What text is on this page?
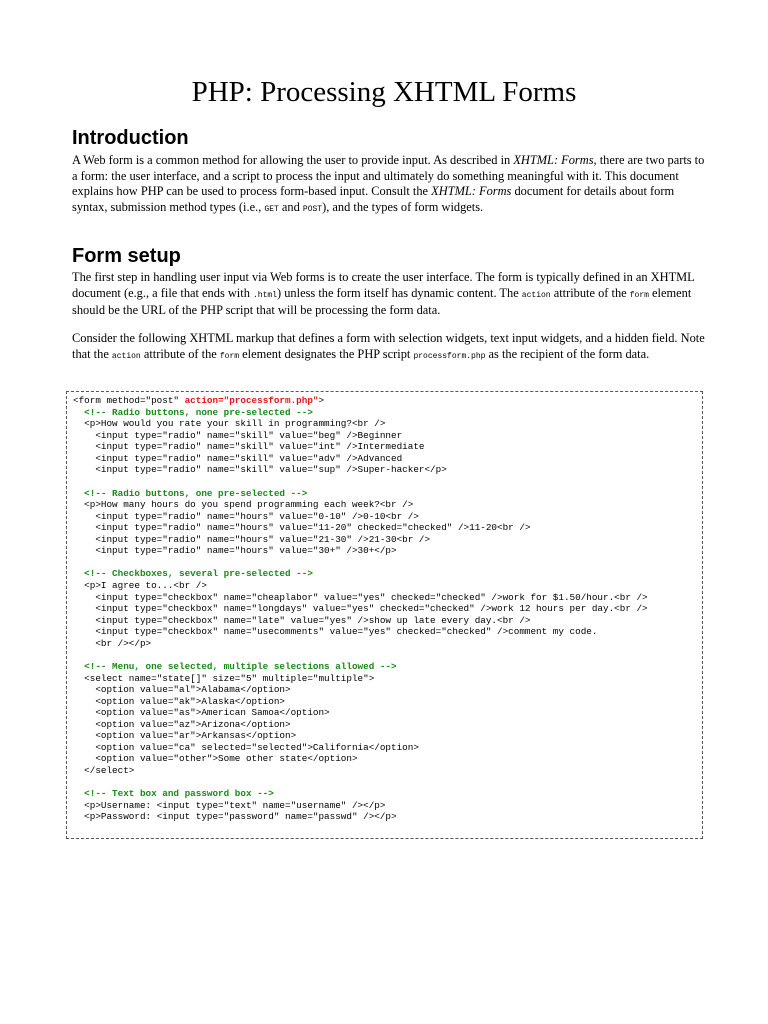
PHP: Processing XHTML Forms
Introduction

A Web form is a common method for allowing the user to provide input. As described in XHTML: Forms, there are two parts to a form: the user interface, and a script to process the input and ultimately do something meaningful with it. This document explains how PHP can be used to process form-based input. Consult the XHTML: Forms document for details about form syntax, submission method types (i.e., GET and POST), and the types of form widgets.

Form setup

The first step in handling user input via Web forms is to create the user interface. The form is typically defined in an XHTML document (e.g., a file that ends with .html) unless the form itself has dynamic content. The action attribute of the form element should be the URL of the PHP script that will be processing the form data.

Consider the following XHTML markup that defines a form with selection widgets, text input widgets, and a hidden field. Note that the action attribute of the form element designates the PHP script processform.php as the recipient of the form data.

<form method="post" action="processform.php">
<!-- Radio buttons, none pre-selected -->
<p>How would you rate your skill in programming?<br />
<input type="radio" name="skill" value="beg" />Beginner
<input type="radio" name="skill" value="int" />Intermediate
<input type="radio" name="skill" value="adv" />Advanced
<input type="radio" name="skill" value="sup" />Super-hacker</p>

<!-- Radio buttons, one pre-selected -->
<p>How many hours do you spend programming each week?<br />
<input type="radio" name="hours" value="0-10" />0-10<br />
<input type="radio" name="hours" value="11-20" checked="checked" />11-20<br />
<input type="radio" name="hours" value="21-30" />21-30<br />
<input type="radio" name="hours" value="30+" />30+</p>

<!-- Checkboxes, several pre-selected -->
<p>I agree to...<br />
<input type="checkbox" name="cheaplabor" value="yes" checked="checked" />work for $1.50/hour.<br />
<input type="checkbox" name="longdays" value="yes" checked="checked" />work 12 hours per day.<br />
<input type="checkbox" name="late" value="yes" />show up late every day.<br />
<input type="checkbox" name="usecomments" value="yes" checked="checked" />comment my code.
<br /></p>

<!-- Menu, one selected, multiple selections allowed -->
<select name="state[]" size="5" multiple="multiple">
<option value="al">Alabama</option>
<option value="ak">Alaska</option>
<option value="as">American Samoa</option>
<option value="az">Arizona</option>
<option value="ar">Arkansas</option>
<option value="ca" selected="selected">California</option>
<option value="other">Some other state</option>
</select>

<!-- Text box and password box -->
<p>Username: <input type="text" name="username" /></p>
<p>Password: <input type="password" name="passwd" /></p>
